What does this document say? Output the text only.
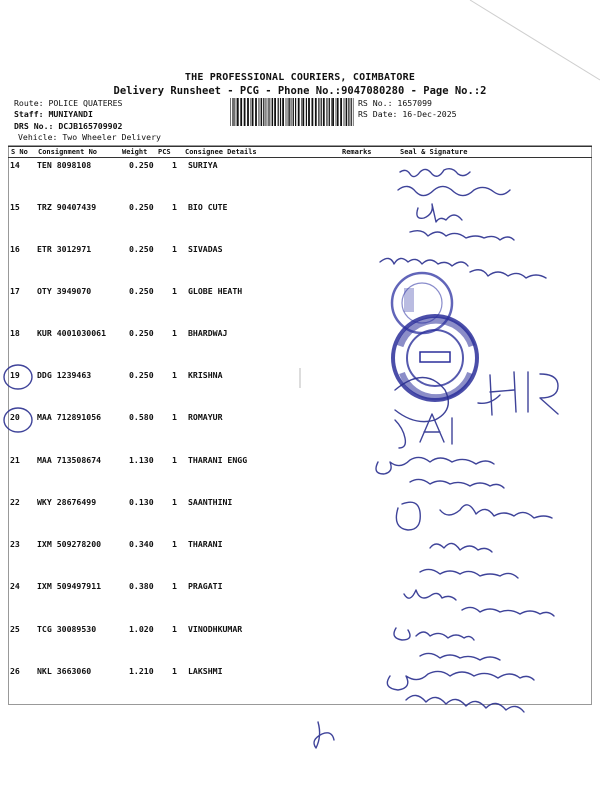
THE PROFESSIONAL COURIERS, COIMBATORE
Delivery Runsheet - PCG - Phone No.:9047080280 - Page No.:2
Route: POLICE QUATERES
Staff: MUNIYANDI
DRS No.: DCJB165709902
Vehicle: Two Wheeler Delivery
RS No.: 1657099
RS Date: 16-Dec-2025
S No Consignment No	Weight PCS Consignee Details	Remarks	Seal & Signature
14 TEN 8098108	0.250 1 SURIYA
15 TRZ 90407439	0.250 1 BIO CUTE
16 ETR 3012971	0.250 1 SIVADAS
17 OTY 3949070	0.250 1 GLOBE HEATH
18 KUR 4001030061	0.250 1 BHARDWAJ
19 DDG 1239463	0.250 1 KRISHNA
20 MAA 712891056	0.580 1 ROMAYUR
21 MAA 713508674	1.130 1 THARANI ENGG
22 WKY 28676499	0.130 1 SAANTHINI
23 IXM 509278200	0.340 1 THARANI
24 IXM 509497911	0.380 1 PRAGATI
25 TCG 30089530	1.020 1 VINODHKUMAR
26 NKL 3663060	1.210 1 LAKSHMI
